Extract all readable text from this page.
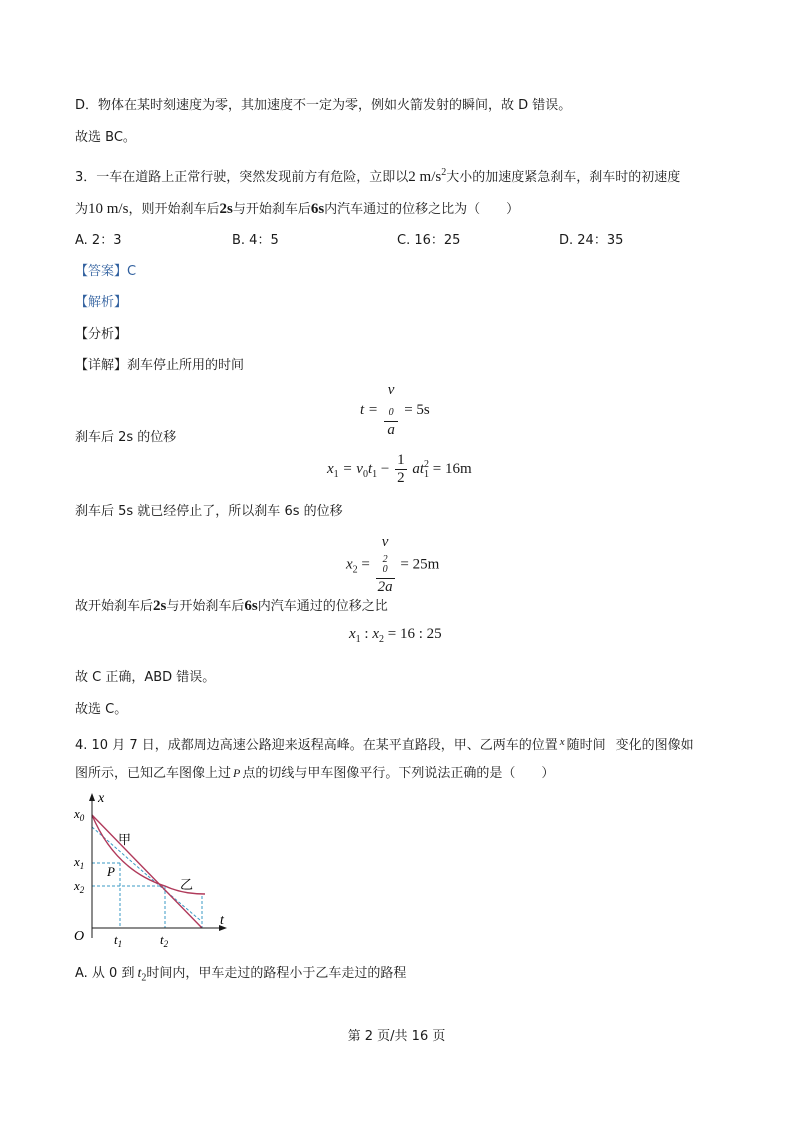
D．物体在某时刻速度为零，其加速度不一定为零，例如火箭发射的瞬间，故 D 错误。
故选 BC。
3．一车在道路上正常行驶，突然发现前方有危险，立即以2 $m/s^2$大小的加速度紧急刹车，刹车时的初速度
为10 m/s，则开始刹车后2s与开始刹车后6s内汽车通过的位移之比为（　　）
A. 2：3	B. 4：5	C. 16：25	D. 24：35
【答案】C
【解析】
【分析】
【详解】刹车停止所用的时间
t = v
$_0$
a = 5s
刹车后 2s 的位移
$x_1 = v_0t_1 - \frac{1}{2} at_1^2 = 16m$
刹车后 5s 就已经停止了，所以刹车 6s 的位移
$x_2 = v$
$_0^2$
2a = 25m
故开始刹车后2s与开始刹车后6s内汽车通过的位移之比
$x_1$ : $x_2 = 16$ : 25
故 C 正确，ABD 错误。
故选 C。
4. 10 月 7 日，成都周边高速公路迎来返程高峰。在某平直路段，甲、乙两车的位置 $^x$ 随时间 变化的图像如
图所示，已知乙车图像上过 P 点的切线与甲车图像平行。下列说法正确的是（　　）
x
t
O
$x_0$
$x_1$
$x_2$
$t_1$	$t_2$
P
甲
乙
A. 从 0 到 $t_2$时间内，甲车走过的路程小于乙车走过的路程
第 2 页/共 16 页
